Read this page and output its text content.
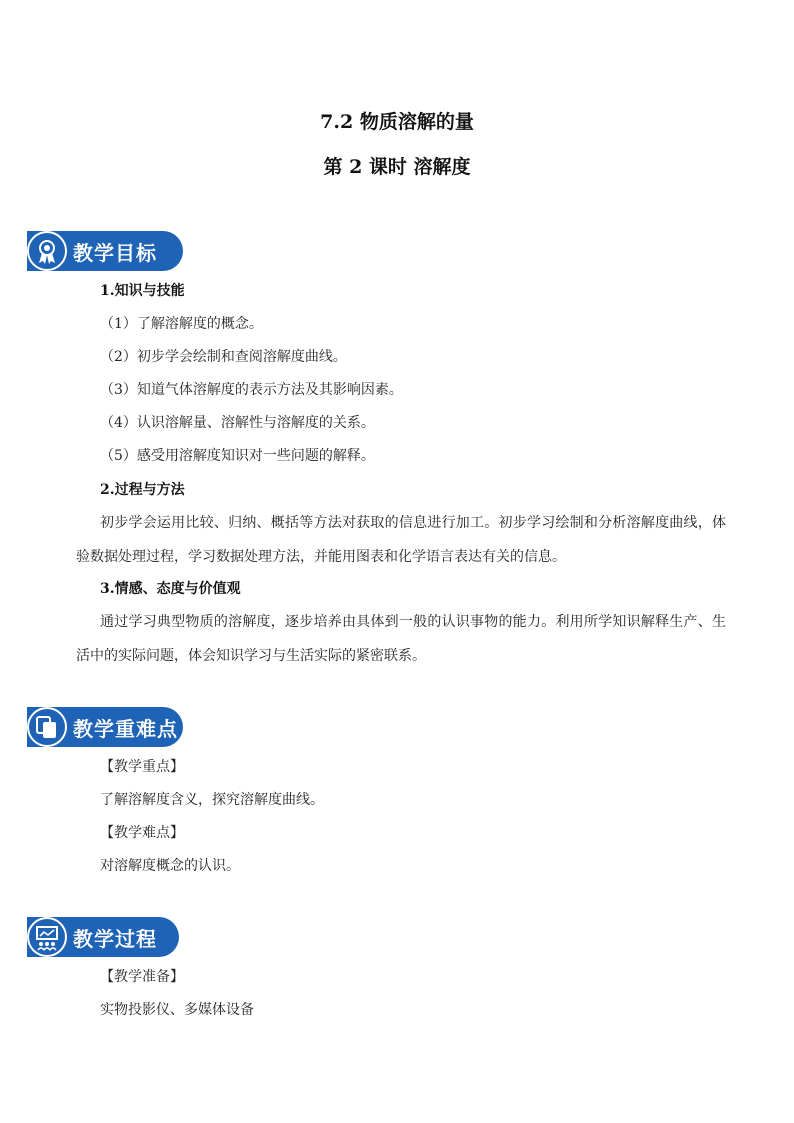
7.2 物质溶解的量
第 2 课时 溶解度
教学目标
1.知识与技能
（1）了解溶解度的概念。
（2）初步学会绘制和查阅溶解度曲线。
（3）知道气体溶解度的表示方法及其影响因素。
（4）认识溶解量、溶解性与溶解度的关系。
（5）感受用溶解度知识对一些问题的解释。
2.过程与方法
初步学会运用比较、归纳、概括等方法对获取的信息进行加工。初步学习绘制和分析溶解度曲线，体验数据处理过程，学习数据处理方法，并能用图表和化学语言表达有关的信息。
3.情感、态度与价值观
通过学习典型物质的溶解度，逐步培养由具体到一般的认识事物的能力。利用所学知识解释生产、生活中的实际问题，体会知识学习与生活实际的紧密联系。
教学重难点
【教学重点】
了解溶解度含义，探究溶解度曲线。
【教学难点】
对溶解度概念的认识。
教学过程
【教学准备】
实物投影仪、多媒体设备
